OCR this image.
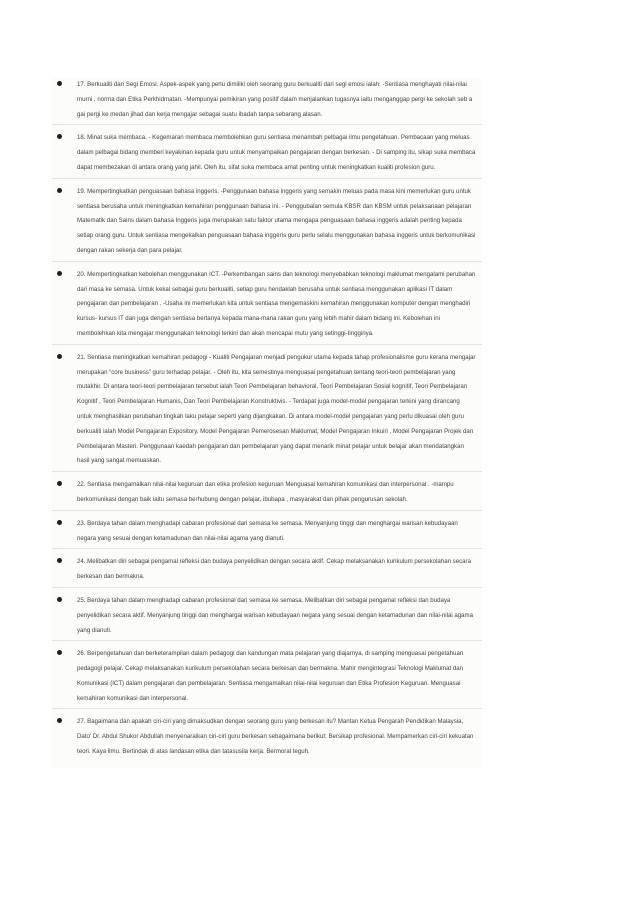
17. Berkualiti dari Segi Emosi. Aspek-aspek yang perlu dimiliki oleh seorang guru berkualiti dari segi emosi ialah: -Sentiasa menghayati nilai-nilai murni , norma dan Etika Perkhidmatan. -Mempunyai pemikiran yang positif dalam menjalankan tugasnya iaitu menganggap pergi ke sekolah seb a gai pergi ke medan jihad dan kerja mengajar sebagai suatu ibadah tanpa sebarang alasan.

18. Minat suka membaca. - Kegemaran membaca membolehkan guru sentiasa menambah pelbagai ilmu pengetahuan. Pembacaan yang meluas dalam pelbagai bidang memberi keyakinan kepada guru untuk menyampaikan pengajaran dengan berkesan. - Di samping itu, sikap suka membaca dapat membezakan di antara orang yang jahil. Oleh itu, sifat suka membaca amat penting untuk meningkatkan kualiti profesion guru.

19. Mempertingkatkan penguasaan bahasa inggeris. -Penggunaan bahasa inggeris yang semakin meluas pada masa kini memerlukan guru untuk sentiasa berusaha untuk meningkatkan kemahiran penggunaan bahasa ini. - Penggubalan semula KBSR dan KBSM untuk pelaksanaan pelajaran Matematik dan Sains dalam bahasa Inggeris juga merupakan satu faktor utama mengapa penguasaan bahasa inggeris adalah penting kepada setiap orang guru. Untuk sentiasa mengekalkan penguasaan bahasa inggeris guru perlu selalu menggunakan bahasa inggeris untuk berkomunikasi dengan rakan sekerja dan para pelajar.

20. Mempertingkatkan kebolehan menggunakan ICT. -Perkembangan sains dan teknologi menyebabkan teknologi maklumat mengalami perubahan dari masa ke semasa. Untuk kekal sebagai guru berkualiti, setiap guru hendaklah berusaha untuk sentiasa menggunakan aplikasi IT dalam pengajaran dan pembelajaran . -Usaha ini memerlukan kita untuk sentiasa mengemaskini kemahiran menggunakan komputer dengan menghadiri kursus- kursus IT dan juga dengan sentiasa bertanya kepada mana-mana rakan guru yang lebih mahir dalam bidang ini. Kebolehan ini membolehkan kita mengajar menggunakan teknologi terkini dan akan mencapai mutu yang setinggi-tingginya.

21. Sentiasa meningkatkan kemahiran pedagogi - Kualiti Pengajaran menjadi pengukur utama kepada tahap profesionalisme guru kerana mengajar merupakan “core business” guru terhadap pelajar. - Oleh itu, kita semestinya menguasai pengetahuan tentang teori-teori pembelajaran yang mutakhir. Di antara teori-teori pembelajaran tersebut ialah Teori Pembelajaran behavioral, Teori Pembelajaran Sosial kognitif, Teori Pembelajaran Kognitif , Teori Pembelajaran Humanis, Dan Teori Pembelajaran Konstruktivis. - Terdapat juga model-model pengajaran terkini yang dirancang untuk menghasilkan perubahan tingkah laku pelajar seperti yang dijangkakan. Di antara model-model pengajaran yang perlu dikuasai oleh guru berkualiti ialah Model Pengajaran Expository, Model Pengajaran Pemerosesan Maklumat, Model Pengajaran Inkuiri , Model Pengajaran Projek dan Pembelajaran Masteri. Penggunaan kaedah pengajaran dan pembelajaran yang dapat menarik minat pelajar untuk belajar akan mendatangkan hasil yang sangat memuaskan.

22. Sentiasa mengamalkan nilai-nilai keguruan dan etika profesion keguruan Menguasai kemahiran komunikasi dan interpersonal . -mampu berkomunikasi dengan baik iaitu semasa berhubung dengan pelajar, ibubapa , masyarakat dan pihak pengurusan sekolah.

23. Berdaya tahan dalam menghadapi cabaran profesional dari semasa ke semasa. Menyanjung tinggi dan menghargai warisan kebudayaan negara yang sesuai dengan ketamadunan dan nilai-nilai agama yang dianuti.

24. Melibatkan diri sebagai pengamal refleksi dan budaya penyelidikan dengan secara aktif. Cekap melaksanakan kurikulum persekolahan secara berkesan dan bermakna.

25. Berdaya tahan dalam menghadapi cabaran profesional dari semasa ke semasa. Melibatkan diri sebagai pengamal refleksi dan budaya penyelidikan secara aktif. Menyanjung tinggi dan menghargai warisan kebudayaan negara yang sesuai dengan ketamadunan dan nilai-nilai agama yang dianuti.

26. Berpengetahuan dan berketerampilan dalam pedagogi dan kandungan mata pelajaran yang diajarnya, di samping menguasai pengetahuan pedagogi pelajar. Cekap melaksanakan kurikulum persekolahan secara berkesan dan bermakna. Mahir mengintegrasi Teknologi Maklumat dan Komunikasi (ICT) dalam pengajaran dan pembelajaran. Sentiasa mengamalkan nilai-nilai keguruan dan Etika Profesion Keguruan. Menguasai kemahiran komunikasi dan interpersonal.

27. Bagaimana dan apakah ciri-ciri yang dimaksudkan dengan seorang guru yang berkesan itu? Mantan Ketua Pengarah Pendidikan Malaysia, Dato' Dr. Abdul Shukor Abdullah menyenaraikan ciri-ciri guru berkesan sebagaimana berikut: Bersikap profesional. Mempamerkan ciri-ciri kekuatan teori. Kaya ilmu. Bertindak di atas landasan etika dan tatasusila kerja. Bermoral teguh.
